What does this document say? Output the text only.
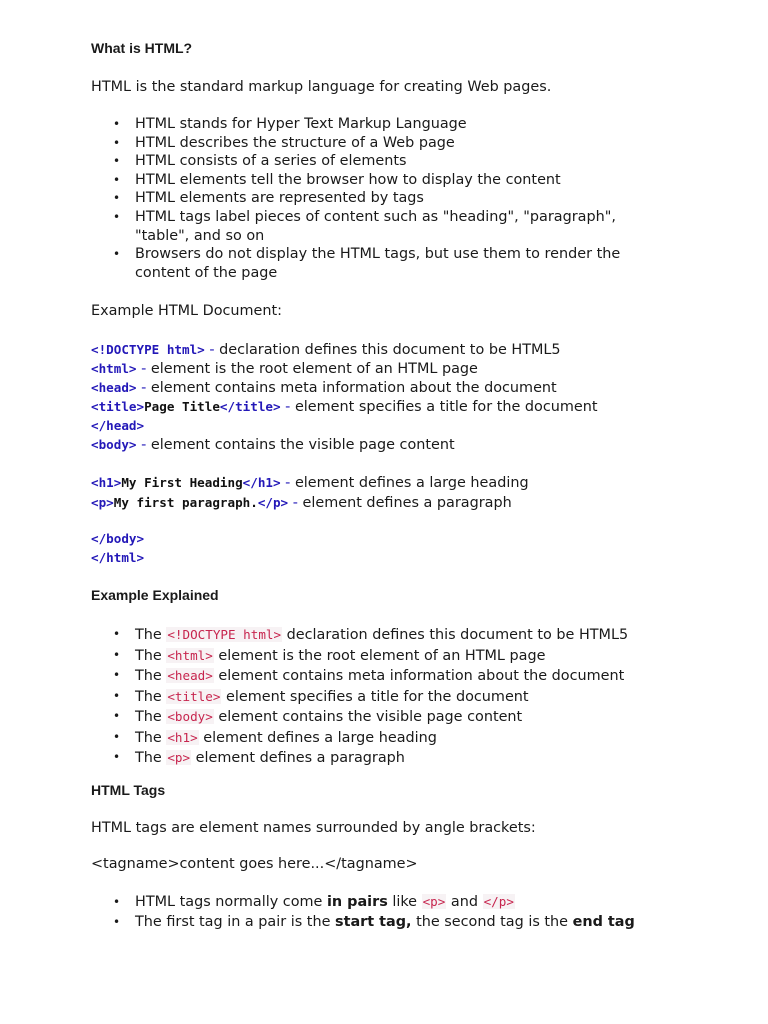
What is HTML?
HTML is the standard markup language for creating Web pages.
• HTML stands for Hyper Text Markup Language
• HTML describes the structure of a Web page
• HTML consists of a series of elements
• HTML elements tell the browser how to display the content
• HTML elements are represented by tags
• HTML tags label pieces of content such as "heading", "paragraph",
"table", and so on
• Browsers do not display the HTML tags, but use them to render the
content of the page
Example HTML Document:
<!DOCTYPE html> - declaration defines this document to be HTML5
<html> - element is the root element of an HTML page
<head> - element contains meta information about the document
<title>Page Title</title> - element specifies a title for the document
</head>
<body> - element contains the visible page content
<h1>My First Heading</h1> - element defines a large heading
<p>My first paragraph.</p> - element defines a paragraph
</body>
</html>
Example Explained
• The <!DOCTYPE html> declaration defines this document to be HTML5
• The <html> element is the root element of an HTML page
• The <head> element contains meta information about the document
• The <title> element specifies a title for the document
• The <body> element contains the visible page content
• The <h1> element defines a large heading
• The <p> element defines a paragraph
HTML Tags
HTML tags are element names surrounded by angle brackets:
<tagname>content goes here...</tagname>
• HTML tags normally come in pairs like <p> and </p>
• The first tag in a pair is the start tag, the second tag is the end tag
